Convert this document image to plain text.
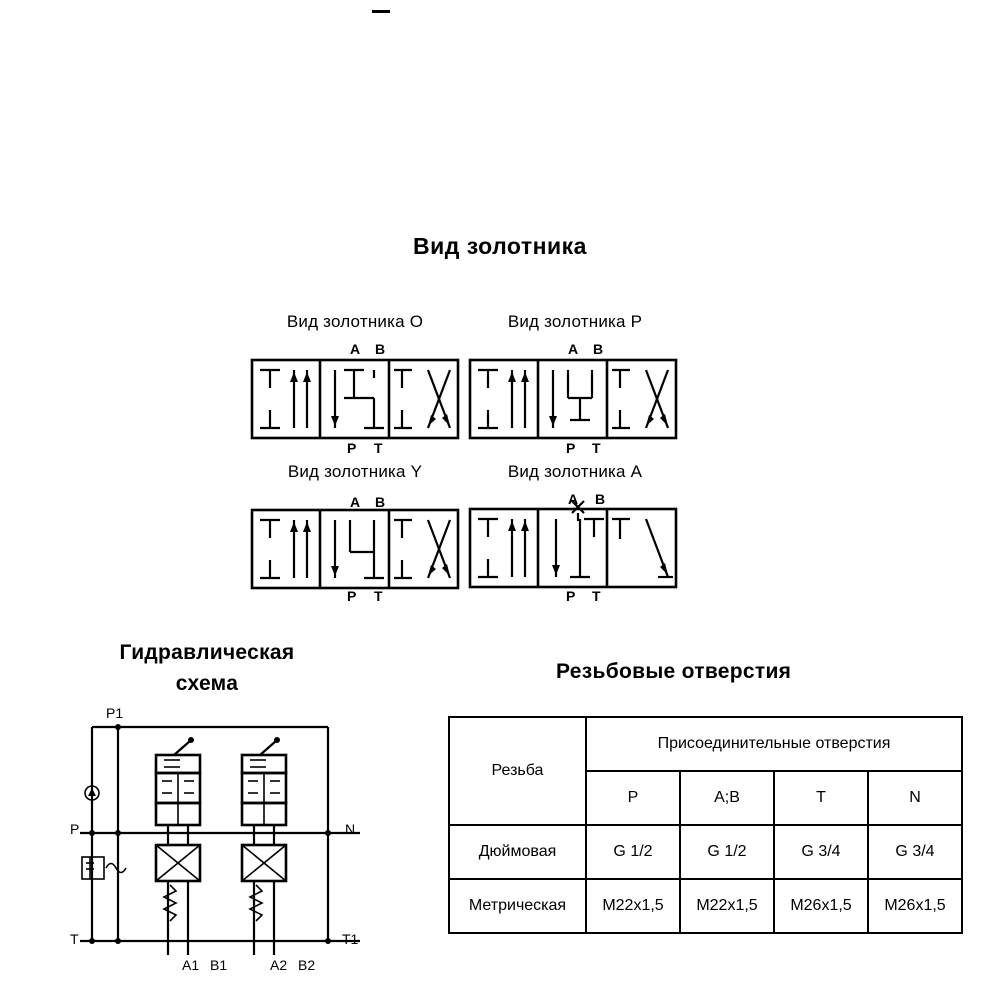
Вид золотника
Вид золотника O	Вид золотника P
Вид золотника Y	Вид золотника A
A B
P T
A B
P T
A B
P T
A B
P T
Гидравлическая
схема
P1
P
T
N
T1
A1 B1	A2 B2
Резьбовые отверстия
Резьба	Присоединительные отверстия			
	P	A;B	T	N
Дюймовая	G 1/2	G 1/2	G 3/4	G 3/4
Метрическая	M22x1,5	M22x1,5	M26x1,5	M26x1,5
